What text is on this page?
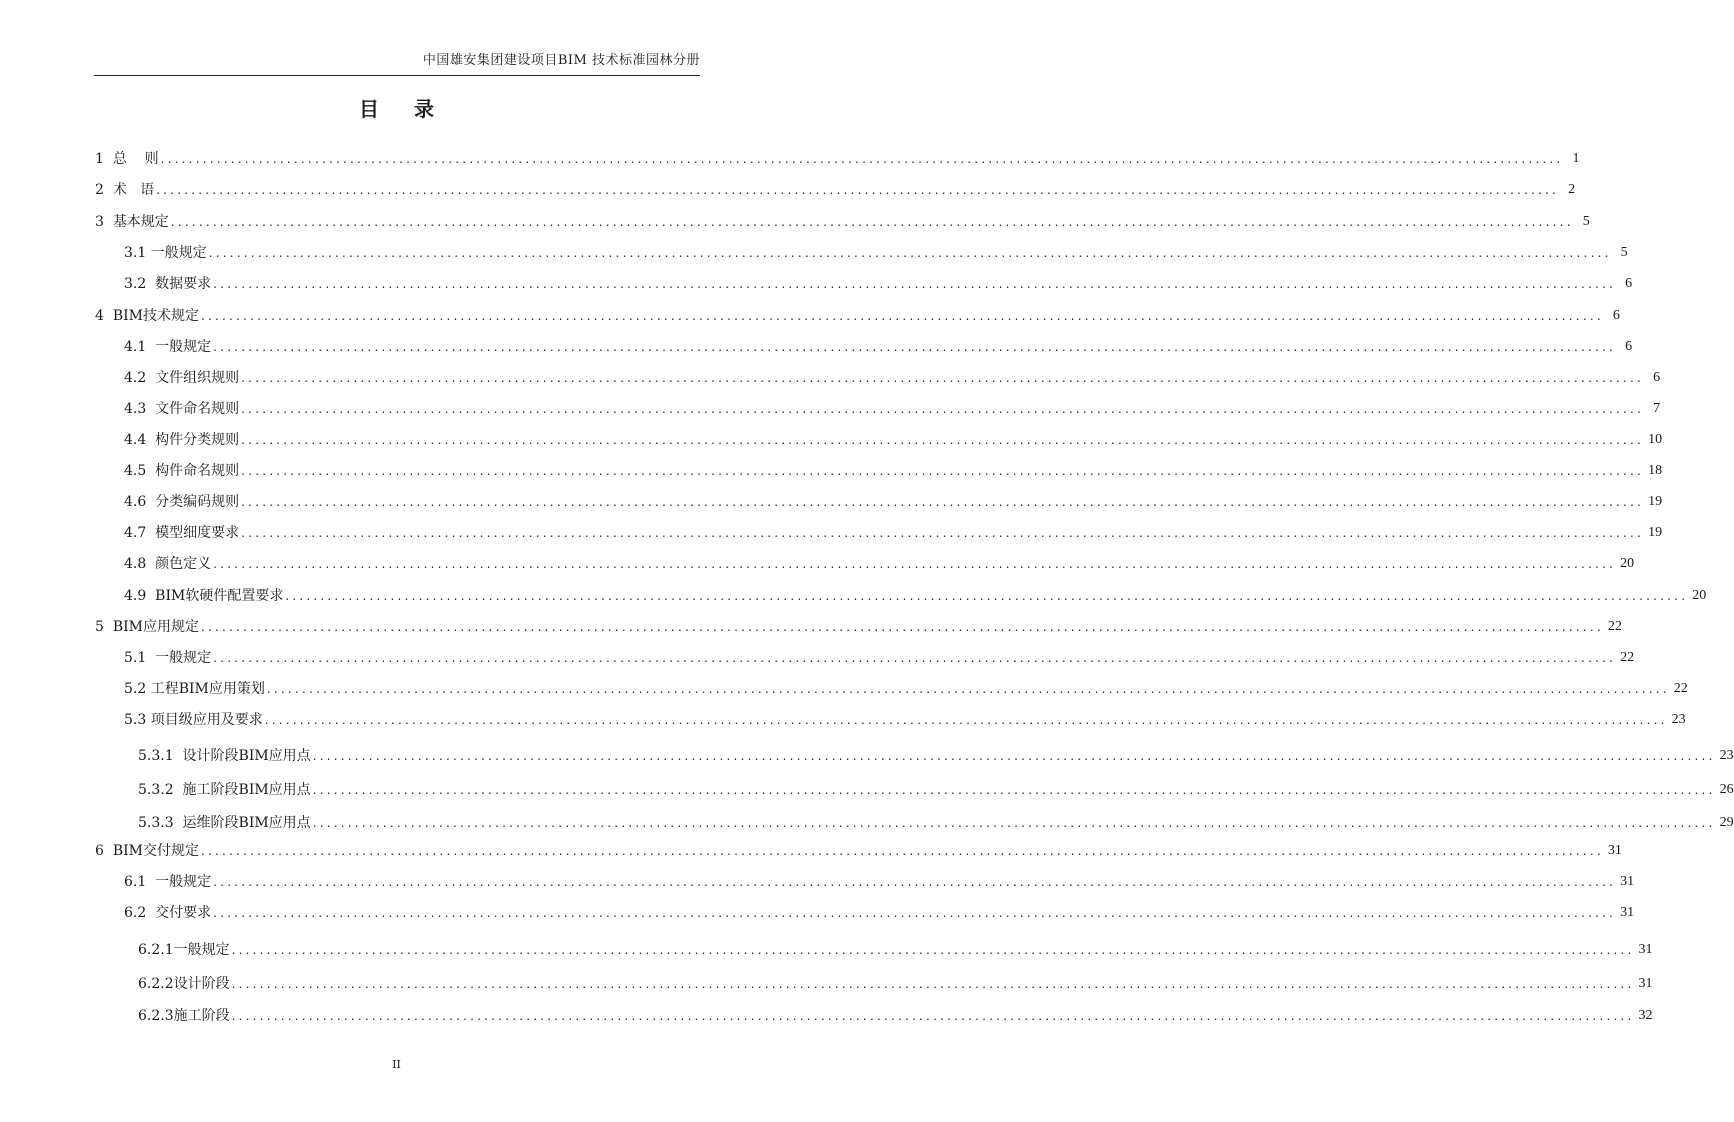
中国雄安集团建设项目BIM 技术标准园林分册
目 录
1 总    则 ........................................................................................................................................................................................................ 1
2 术   语 ........................................................................................................................................................................................................ 2
3 基本规定 ........................................................................................................................................................................................................ 5
3.1 一般规定 ........................................................................................................................................................................................................ 5
3.2 数据要求 ........................................................................................................................................................................................................ 6
4 BIM技术规定 ........................................................................................................................................................................................................ 6
4.1 一般规定 ........................................................................................................................................................................................................ 6
4.2 文件组织规则 ........................................................................................................................................................................................................ 6
4.3 文件命名规则 ........................................................................................................................................................................................................ 7
4.4 构件分类规则 ........................................................................................................................................................................................................ 10
4.5 构件命名规则 ........................................................................................................................................................................................................ 18
4.6 分类编码规则 ........................................................................................................................................................................................................ 19
4.7 模型细度要求 ........................................................................................................................................................................................................ 19
4.8 颜色定义 ........................................................................................................................................................................................................ 20
4.9 BIM软硬件配置要求 ........................................................................................................................................................................................................ 20
5 BIM应用规定 ........................................................................................................................................................................................................ 22
5.1 一般规定 ........................................................................................................................................................................................................ 22
5.2 工程BIM应用策划 ........................................................................................................................................................................................................ 22
5.3 项目级应用及要求 ........................................................................................................................................................................................................ 23
5.3.1 设计阶段BIM应用点 ........................................................................................................................................................................................................ 23
5.3.2 施工阶段BIM应用点 ........................................................................................................................................................................................................ 26
5.3.3 运维阶段BIM应用点 ........................................................................................................................................................................................................ 29
6 BIM交付规定 ........................................................................................................................................................................................................ 31
6.1 一般规定 ........................................................................................................................................................................................................ 31
6.2 交付要求 ........................................................................................................................................................................................................ 31
6.2.1 一般规定 ........................................................................................................................................................................................................ 31
6.2.2 设计阶段 ........................................................................................................................................................................................................ 31
6.2.3 施工阶段 ........................................................................................................................................................................................................ 32
II
